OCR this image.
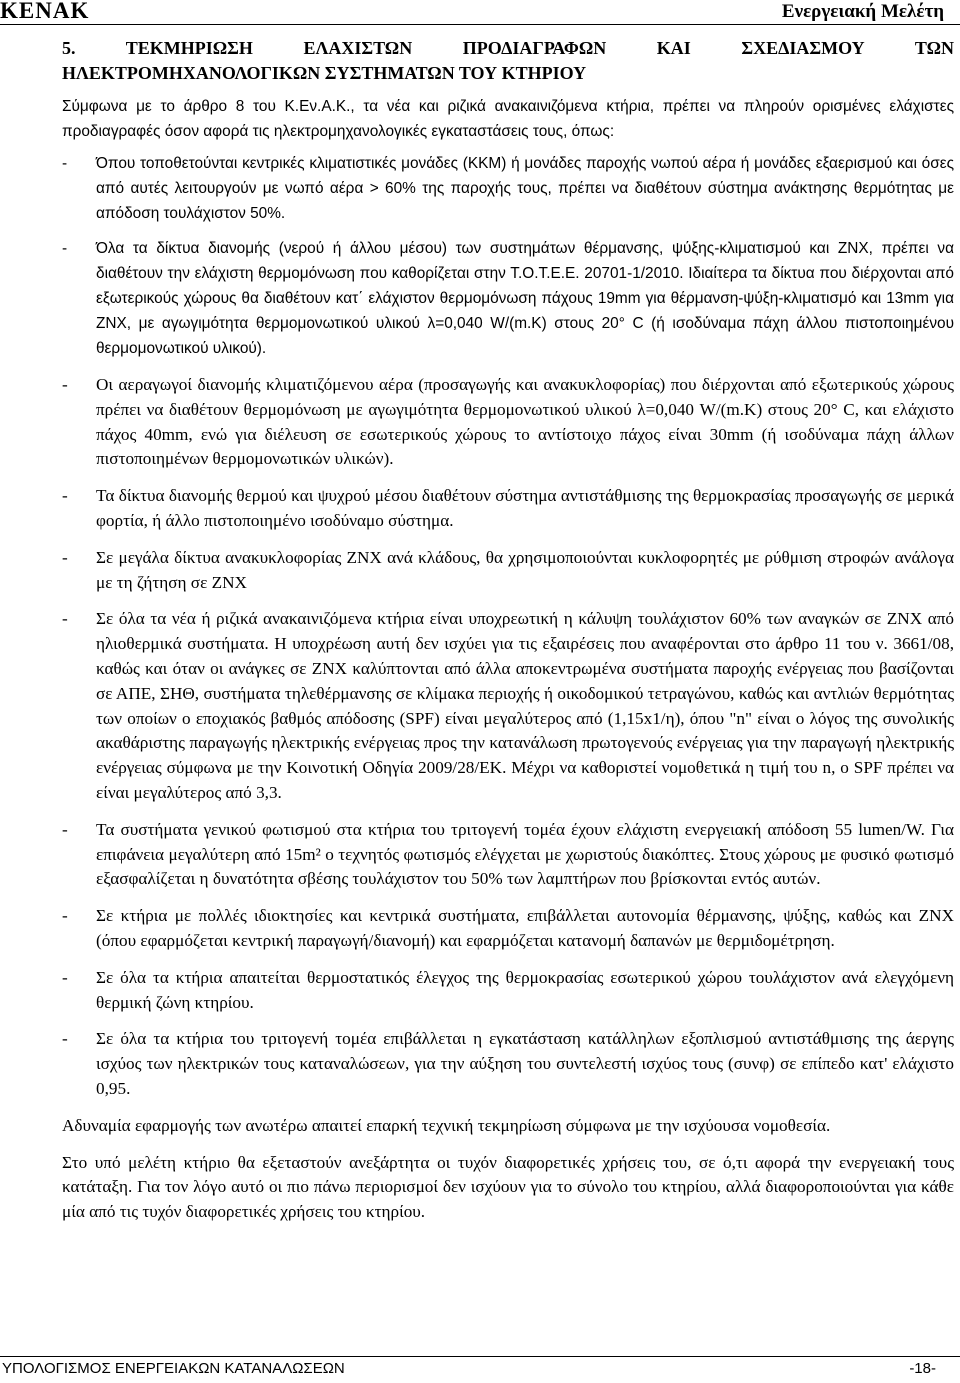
KENAK	Ενεργειακή Μελέτη
5. ΤΕΚΜΗΡΙΩΣΗ ΕΛΑΧΙΣΤΩΝ ΠΡΟΔΙΑΓΡΑΦΩΝ ΚΑΙ ΣΧΕΔΙΑΣΜΟΥ ΤΩΝ
ΗΛΕΚΤΡΟΜΗΧΑΝΟΛΟΓΙΚΩΝ ΣΥΣΤΗΜΑΤΩΝ ΤΟΥ ΚΤΗΡΙΟΥ

Σύμφωνα με το άρθρο 8 του Κ.Εν.Α.Κ., τα νέα και ριζικά ανακαινιζόμενα κτήρια, πρέπει να πληρούν ορισμένες ελάχιστες προδιαγραφές όσον αφορά τις ηλεκτρομηχανολογικές εγκαταστάσεις τους, όπως:

- Όπου τοποθετούνται κεντρικές κλιματιστικές μονάδες (ΚΚΜ) ή μονάδες παροχής νωπού αέρα ή μονάδες εξαερισμού και όσες από αυτές λειτουργούν με νωπό αέρα > 60% της παροχής τους, πρέπει να διαθέτουν σύστημα ανάκτησης θερμότητας με απόδοση τουλάχιστον 50%.
- Όλα τα δίκτυα διανομής (νερού ή άλλου μέσου) των συστημάτων θέρμανσης, ψύξης-κλιματισμού και ΖΝΧ, πρέπει να διαθέτουν την ελάχιστη θερμομόνωση που καθορίζεται στην Τ.Ο.Τ.Ε.Ε. 20701-1/2010. Ιδιαίτερα τα δίκτυα που διέρχονται από εξωτερικούς χώρους θα διαθέτουν κατ΄ ελάχιστον θερμομόνωση πάχους 19mm για θέρμανση-ψύξη-κλιματισμό και 13mm για ΖΝΧ, με αγωγιμότητα θερμομονωτικού υλικού λ=0,040 W/(m.K) στους 20° C (ή ισοδύναμα πάχη άλλου πιστοποιημένου θερμομονωτικού υλικού).
- Οι αεραγωγοί διανομής κλιματιζόμενου αέρα (προσαγωγής και ανακυκλοφορίας) που διέρχονται από εξωτερικούς χώρους πρέπει να διαθέτουν θερμομόνωση με αγωγιμότητα θερμομονωτικού υλικού λ=0,040 W/(m.K) στους 20° C, και ελάχιστο πάχος 40mm, ενώ για διέλευση σε εσωτερικούς χώρους το αντίστοιχο πάχος είναι 30mm (ή ισοδύναμα πάχη άλλων πιστοποιημένων θερμομονωτικών υλικών).
- Τα δίκτυα διανομής θερμού και ψυχρού μέσου διαθέτουν σύστημα αντιστάθμισης της θερμοκρασίας προσαγωγής σε μερικά φορτία, ή άλλο πιστοποιημένο ισοδύναμο σύστημα.
- Σε μεγάλα δίκτυα ανακυκλοφορίας ΖΝΧ ανά κλάδους, θα χρησιμοποιούνται κυκλοφορητές με ρύθμιση στροφών ανάλογα με τη ζήτηση σε ΖΝΧ
- Σε όλα τα νέα ή ριζικά ανακαινιζόμενα κτήρια είναι υποχρεωτική η κάλυψη τουλάχιστον 60% των αναγκών σε ΖΝΧ από ηλιοθερμικά συστήματα. Η υποχρέωση αυτή δεν ισχύει για τις εξαιρέσεις που αναφέρονται στο άρθρο 11 του ν. 3661/08, καθώς και όταν οι ανάγκες σε ΖΝΧ καλύπτονται από άλλα αποκεντρωμένα συστήματα παροχής ενέργειας που βασίζονται σε ΑΠΕ, ΣΗΘ, συστήματα τηλεθέρμανσης σε κλίμακα περιοχής ή οικοδομικού τετραγώνου, καθώς και αντλιών θερμότητας των οποίων ο εποχιακός βαθμός απόδοσης (SPF) είναι μεγαλύτερος από (1,15x1/η), όπου "n" είναι ο λόγος της συνολικής ακαθάριστης παραγωγής ηλεκτρικής ενέργειας προς την κατανάλωση πρωτογενούς ενέργειας για την παραγωγή ηλεκτρικής ενέργειας σύμφωνα με την Κοινοτική Οδηγία 2009/28/ΕΚ. Μέχρι να καθοριστεί νομοθετικά η τιμή του n, ο SPF πρέπει να είναι μεγαλύτερος από 3,3.
- Τα συστήματα γενικού φωτισμού στα κτήρια του τριτογενή τομέα έχουν ελάχιστη ενεργειακή απόδοση 55 lumen/W. Για επιφάνεια μεγαλύτερη από 15m² ο τεχνητός φωτισμός ελέγχεται με χωριστούς διακόπτες. Στους χώρους με φυσικό φωτισμό εξασφαλίζεται η δυνατότητα σβέσης τουλάχιστον του 50% των λαμπτήρων που βρίσκονται εντός αυτών.
- Σε κτήρια με πολλές ιδιοκτησίες και κεντρικά συστήματα, επιβάλλεται αυτονομία θέρμανσης, ψύξης, καθώς και ΖΝΧ (όπου εφαρμόζεται κεντρική παραγωγή/διανομή) και εφαρμόζεται κατανομή δαπανών με θερμιδομέτρηση.
- Σε όλα τα κτήρια απαιτείται θερμοστατικός έλεγχος της θερμοκρασίας εσωτερικού χώρου τουλάχιστον ανά ελεγχόμενη θερμική ζώνη κτηρίου.
- Σε όλα τα κτήρια του τριτογενή τομέα επιβάλλεται η εγκατάσταση κατάλληλων εξοπλισμού αντιστάθμισης της άεργης ισχύος των ηλεκτρικών τους καταναλώσεων, για την αύξηση του συντελεστή ισχύος τους (συνφ) σε επίπεδο κατ' ελάχιστο 0,95.

Αδυναμία εφαρμογής των ανωτέρω απαιτεί επαρκή τεχνική τεκμηρίωση σύμφωνα με την ισχύουσα νομοθεσία.

Στο υπό μελέτη κτήριο θα εξεταστούν ανεξάρτητα οι τυχόν διαφορετικές χρήσεις του, σε ό,τι αφορά την ενεργειακή τους κατάταξη. Για τον λόγο αυτό οι πιο πάνω περιορισμοί δεν ισχύουν για το σύνολο του κτηρίου, αλλά διαφοροποιούνται για κάθε μία από τις τυχόν διαφορετικές χρήσεις του κτηρίου.

ΥΠΟΛΟΓΙΣΜΟΣ ΕΝΕΡΓΕΙΑΚΩΝ ΚΑΤΑΝΑΛΩΣΕΩΝ	-18-
